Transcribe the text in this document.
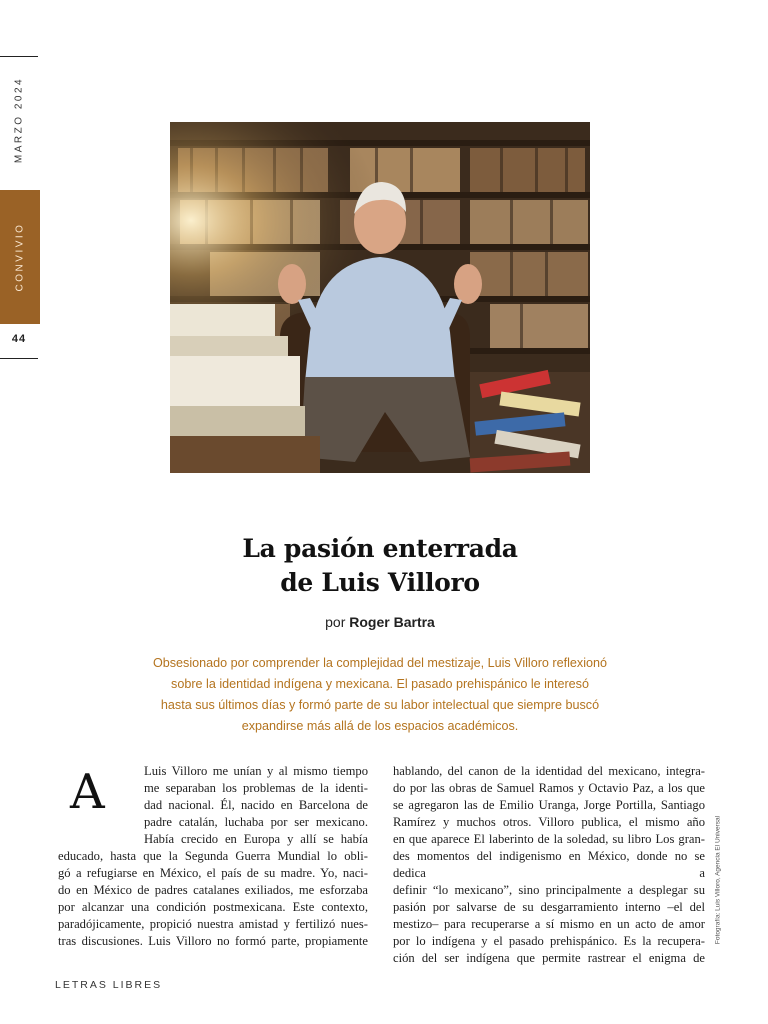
MARZO 2024
CONVIVIO
44
La pasión enterrada
de Luis Villoro
por Roger Bartra
Obsesionado por comprender la complejidad del mestizaje, Luis Villoro reflexionó
sobre la identidad indígena y mexicana. El pasado prehispánico le interesó
hasta sus últimos días y formó parte de su labor intelectual que siempre buscó
expandirse más allá de los espacios académicos.
A	Luis Villoro me unían y al mismo tiempo
me separaban los problemas de la identi-
dad nacional. Él, nacido en Barcelona de
padre catalán, luchaba por ser mexicano.
Había crecido en Europa y allí se había
educado, hasta que la Segunda Guerra Mundial lo obli-
gó a refugiarse en México, el país de su madre. Yo, naci-
do en México de padres catalanes exiliados, me esforzaba
por alcanzar una condición postmexicana. Este contexto,
paradójicamente, propició nuestra amistad y fertilizó nues-
tras discusiones. Luis Villoro no formó parte, propiamente
hablando, del canon de la identidad del mexicano, integra-
do por las obras de Samuel Ramos y Octavio Paz, a los que
se agregaron las de Emilio Uranga, Jorge Portilla, Santiago
Ramírez y muchos otros. Villoro publica, el mismo año
en que aparece El laberinto de la soledad, su libro Los gran-
des momentos del indigenismo en México, donde no se dedica a
definir “lo mexicano”, sino principalmente a desplegar su
pasión por salvarse de su desgarramiento interno –el del
mestizo– para recuperarse a sí mismo en un acto de amor
por lo indígena y el pasado prehispánico. Es la recupera-
ción del ser indígena que permite rastrear el enigma de
Fotografía: Luis Villoro, Agencia El Universal
LETRAS LIBRES
